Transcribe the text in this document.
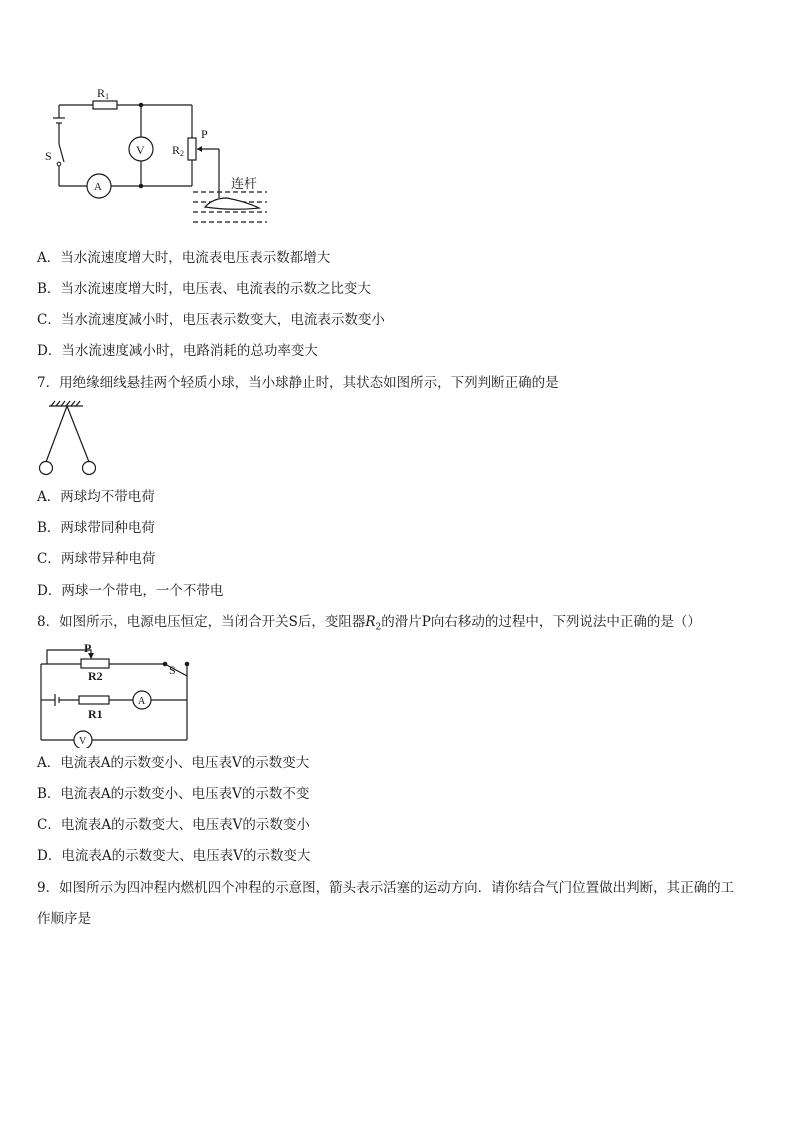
R1
V
P
R2
S
A	连杆
A．当水流速度增大时，电流表电压表示数都增大
B．当水流速度增大时，电压表、电流表的示数之比变大
C．当水流速度减小时，电压表示数变大，电流表示数变小
D．当水流速度减小时，电路消耗的总功率变大
7．用绝缘细线悬挂两个轻质小球，当小球静止时，其状态如图所示，下列判断正确的是
A．两球均不带电荷
B．两球带同种电荷
C．两球带异种电荷
D．两球一个带电，一个不带电
8．如图所示，电源电压恒定，当闭合开关S后，变阻器$R_2$的滑片P向右移动的过程中，下列说法中正确的是（）
P
R2	S
A
R1
V
A．电流表A的示数变小、电压表V的示数变大
B．电流表A的示数变小、电压表V的示数不变
C．电流表A的示数变大、电压表V的示数变小
D．电流表A的示数变大、电压表V的示数变大
9．如图所示为四冲程内燃机四个冲程的示意图，箭头表示活塞的运动方向．请你结合气门位置做出判断，其正确的工
作顺序是
